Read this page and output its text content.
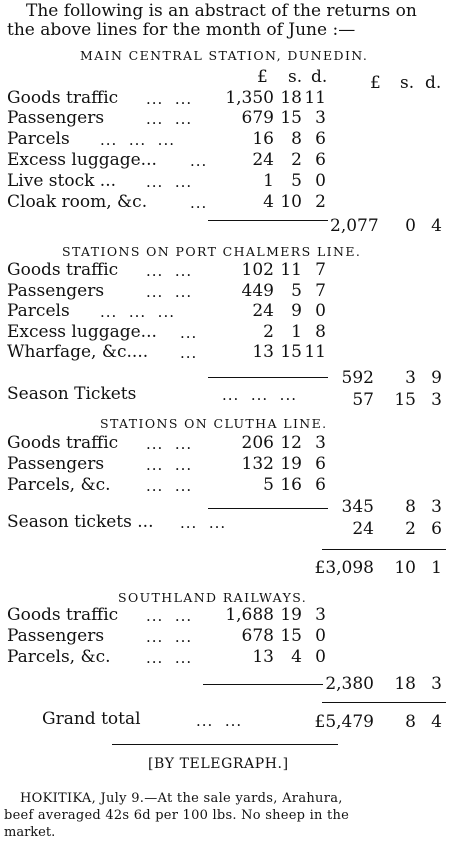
The following is an abstract of the returns on
the above lines for the month of June :—
MAIN CENTRAL STATION, DUNEDIN.
£ s. d.	£ s. d.
Goods traffic ...  ...	1,350 18 11
Passengers	...  ...	679 15 3
Parcels ...  ...  ...	16	8 6
Excess luggage... ...	24	2 6
Live stock ... ...  ...	1	5 0
Cloak room, &c.	...	4 10 2
2,077	0 4
STATIONS ON PORT CHALMERS LINE.
Goods traffic ...  ...	102 11 7
Passengers	...  ...	449	5 7
Parcels ...  ...  ...	24	9 0
Excess luggage... ...	2	1 8
Wharfage, &c.... ...	13 15 11
592	3 9
Season Tickets	...  ...  ...	57 15 3
STATIONS ON CLUTHA LINE.
Goods traffic ...  ...	206 12 3
Passengers	...  ...	132 19 6
Parcels, &c. ...  ...	5 16 6
345	8 3
Season tickets ... ...  ...	24	2 6
£3,098	10 1
SOUTHLAND RAILWAYS.
Goods traffic ...  ...	1,688 19 3
Passengers	...  ...	678 15 0
Parcels, &c. ...  ...	13	4 0
2,380	18 3
Grand total	...  ...	£5,479	8 4
[BY TELEGRAPH.]
HOKITIKA, July 9.—At the sale yards, Arahura,
beef averaged 42s 6d per 100 lbs. No sheep in the
market.
